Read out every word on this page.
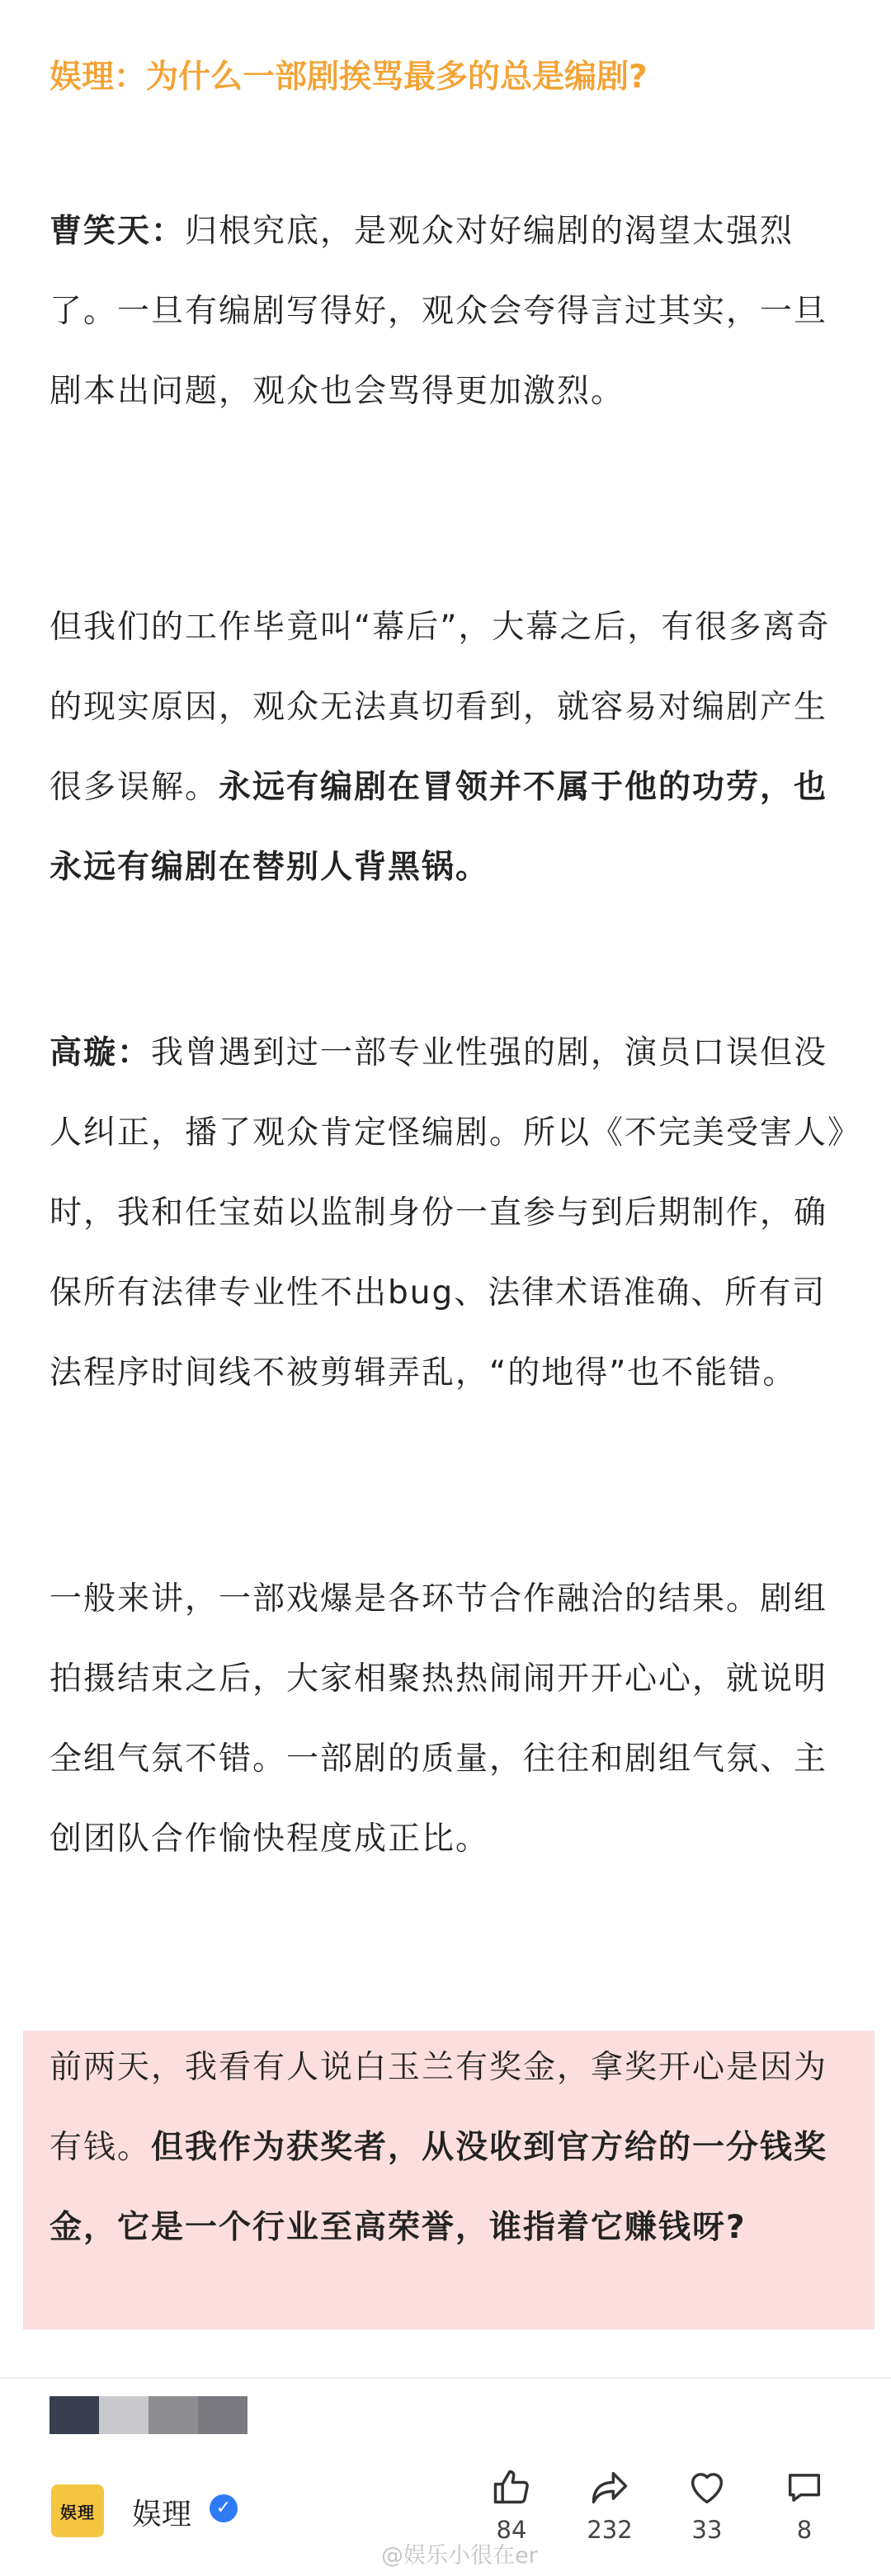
娱理：为什么一部剧挨骂最多的总是编剧?

曹笑天：归根究底，是观众对好编剧的渴望太强烈了。一旦有编剧写得好，观众会夸得言过其实，一旦剧本出问题，观众也会骂得更加激烈。

但我们的工作毕竟叫“幕后”，大幕之后，有很多离奇的现实原因，观众无法真切看到，就容易对编剧产生很多误解。永远有编剧在冒领并不属于他的功劳，也永远有编剧在替别人背黑锅。

高璇：我曾遇到过一部专业性强的剧，演员口误但没人纠正，播了观众肯定怪编剧。所以《不完美受害人》时，我和任宝茹以监制身份一直参与到后期制作，确保所有法律专业性不出bug、法律术语准确、所有司法程序时间线不被剪辑弄乱，“的地得”也不能错。

一般来讲，一部戏爆是各环节合作融洽的结果。剧组拍摄结束之后，大家相聚热热闹闹开开心心，就说明全组气氛不错。一部剧的质量，往往和剧组气氛、主创团队合作愉快程度成正比。

前两天，我看有人说白玉兰有奖金，拿奖开心是因为有钱。但我作为获奖者，从没收到官方给的一分钱奖金，它是一个行业至高荣誉，谁指着它赚钱呀?

娱理	娱理	✓
84	232	33	8
@娱乐小很在er
